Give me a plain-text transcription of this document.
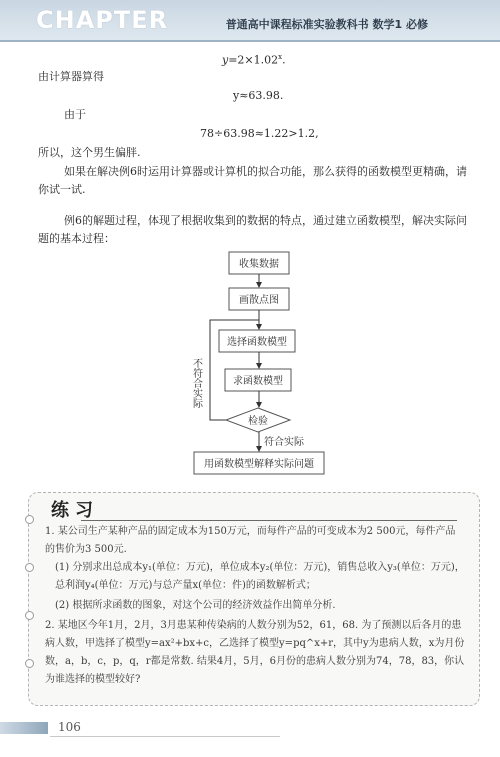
CHAPTER	普通高中课程标准实验教科书 数学1 必修
$y=2\times 1.02^x$.
由计算器算得
y≈63.98.
由于
78÷63.98≈1.22>1.2,
所以，这个男生偏胖.
如果在解决例6时运用计算器或计算机的拟合功能，那么获得的函数模型更精确，请你试一试.
例6的解题过程，体现了根据收集到的数据的特点，通过建立函数模型，解决实际问题的基本过程：
收集数据
画散点图
选择函数模型
求函数模型
检验
用函数模型解释实际问题
符合实际
不符合实际
练习
1. 某公司生产某种产品的固定成本为150万元，而每件产品的可变成本为2 500元，每件产品的售价为3 500元.
(1) 分别求出总成本y₁(单位：万元)，单位成本y₂(单位：万元)，销售总收入y₃(单位：万元)，总利润y₄(单位：万元)与总产量x(单位：件)的函数解析式；
(2) 根据所求函数的图象，对这个公司的经济效益作出简单分析.
2. 某地区今年1月，2月，3月患某种传染病的人数分别为52，61，68. 为了预测以后各月的患病人数，甲选择了模型y=ax²+bx+c，乙选择了模型y=pq^x+r，其中y为患病人数，x为月份数，a，b，c，p，q，r都是常数. 结果4月，5月，6月份的患病人数分别为74，78，83，你认为谁选择的模型较好?
106
